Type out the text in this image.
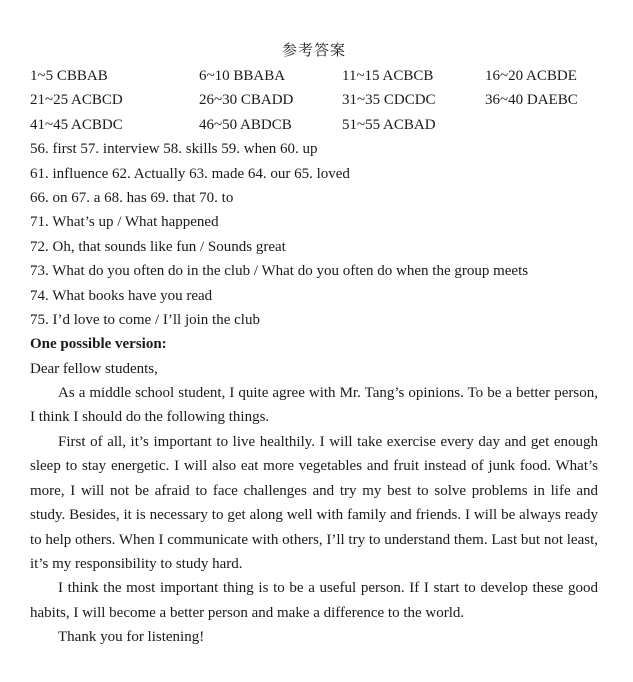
参考答案
1~5 CBBAB	6~10 BBABA	11~15 ACBCB	16~20 ACBDE
21~25 ACBCD	26~30 CBADD	31~35 CDCDC	36~40 DAEBC
41~45 ACBDC	46~50 ABDCB	51~55 ACBAD
56. first 57. interview 58. skills 59. when 60. up
61. influence 62. Actually 63. made 64. our 65. loved
66. on 67. a 68. has 69. that 70. to
71. What’s up / What happened
72. Oh, that sounds like fun / Sounds great
73. What do you often do in the club / What do you often do when the group meets
74. What books have you read
75. I’d love to come / I’ll join the club
One possible version:
Dear fellow students,
As a middle school student, I quite agree with Mr. Tang’s opinions. To be a better person, I think I should do the following things.
First of all, it’s important to live healthily. I will take exercise every day and get enough sleep to stay energetic. I will also eat more vegetables and fruit instead of junk food. What’s more, I will not be afraid to face challenges and try my best to solve problems in life and study. Besides, it is necessary to get along well with family and friends. I will be always ready to help others. When I communicate with others, I’ll try to understand them. Last but not least, it’s my responsibility to study hard.
I think the most important thing is to be a useful person. If I start to develop these good habits, I will become a better person and make a difference to the world.
Thank you for listening!
